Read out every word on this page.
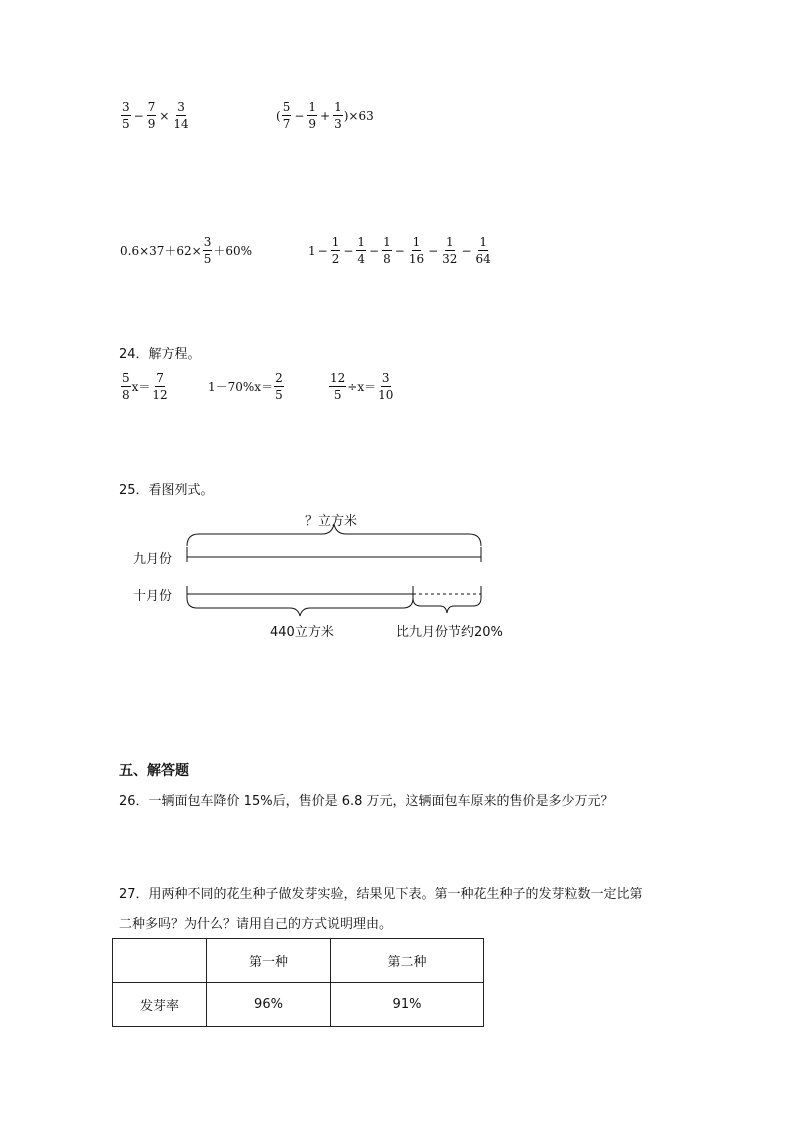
$\frac{3}{5} - \frac{7}{9} \times \frac{3}{14}$	( $\frac{5}{7} - \frac{1}{9} + \frac{1}{3} )\times 63$
$0.6\times 37+62\times \frac{3}{5} +60\%$	$1 - \frac{1}{2} - \frac{1}{4} - \frac{1}{8} - \frac{1}{16} - \frac{1}{32} - \frac{1}{64}$
24．解方程。
$\frac{5}{8} x= \frac{7}{12}$	$1-70\%x= \frac{2}{5}$	$\frac{12}{5} \div x= \frac{3}{10}$
25．看图列式。
？立方米
九月份
十月份
440立方米	比九月份节约20%
五、解答题
26．一辆面包车降价 15%后，售价是 6.8 万元，这辆面包车原来的售价是多少万元？
27．用两种不同的花生种子做发芽实验，结果见下表。第一种花生种子的发芽粒数一定比第
二种多吗？为什么？请用自己的方式说明理由。
	第一种	第二种
发芽率	96%	91%
